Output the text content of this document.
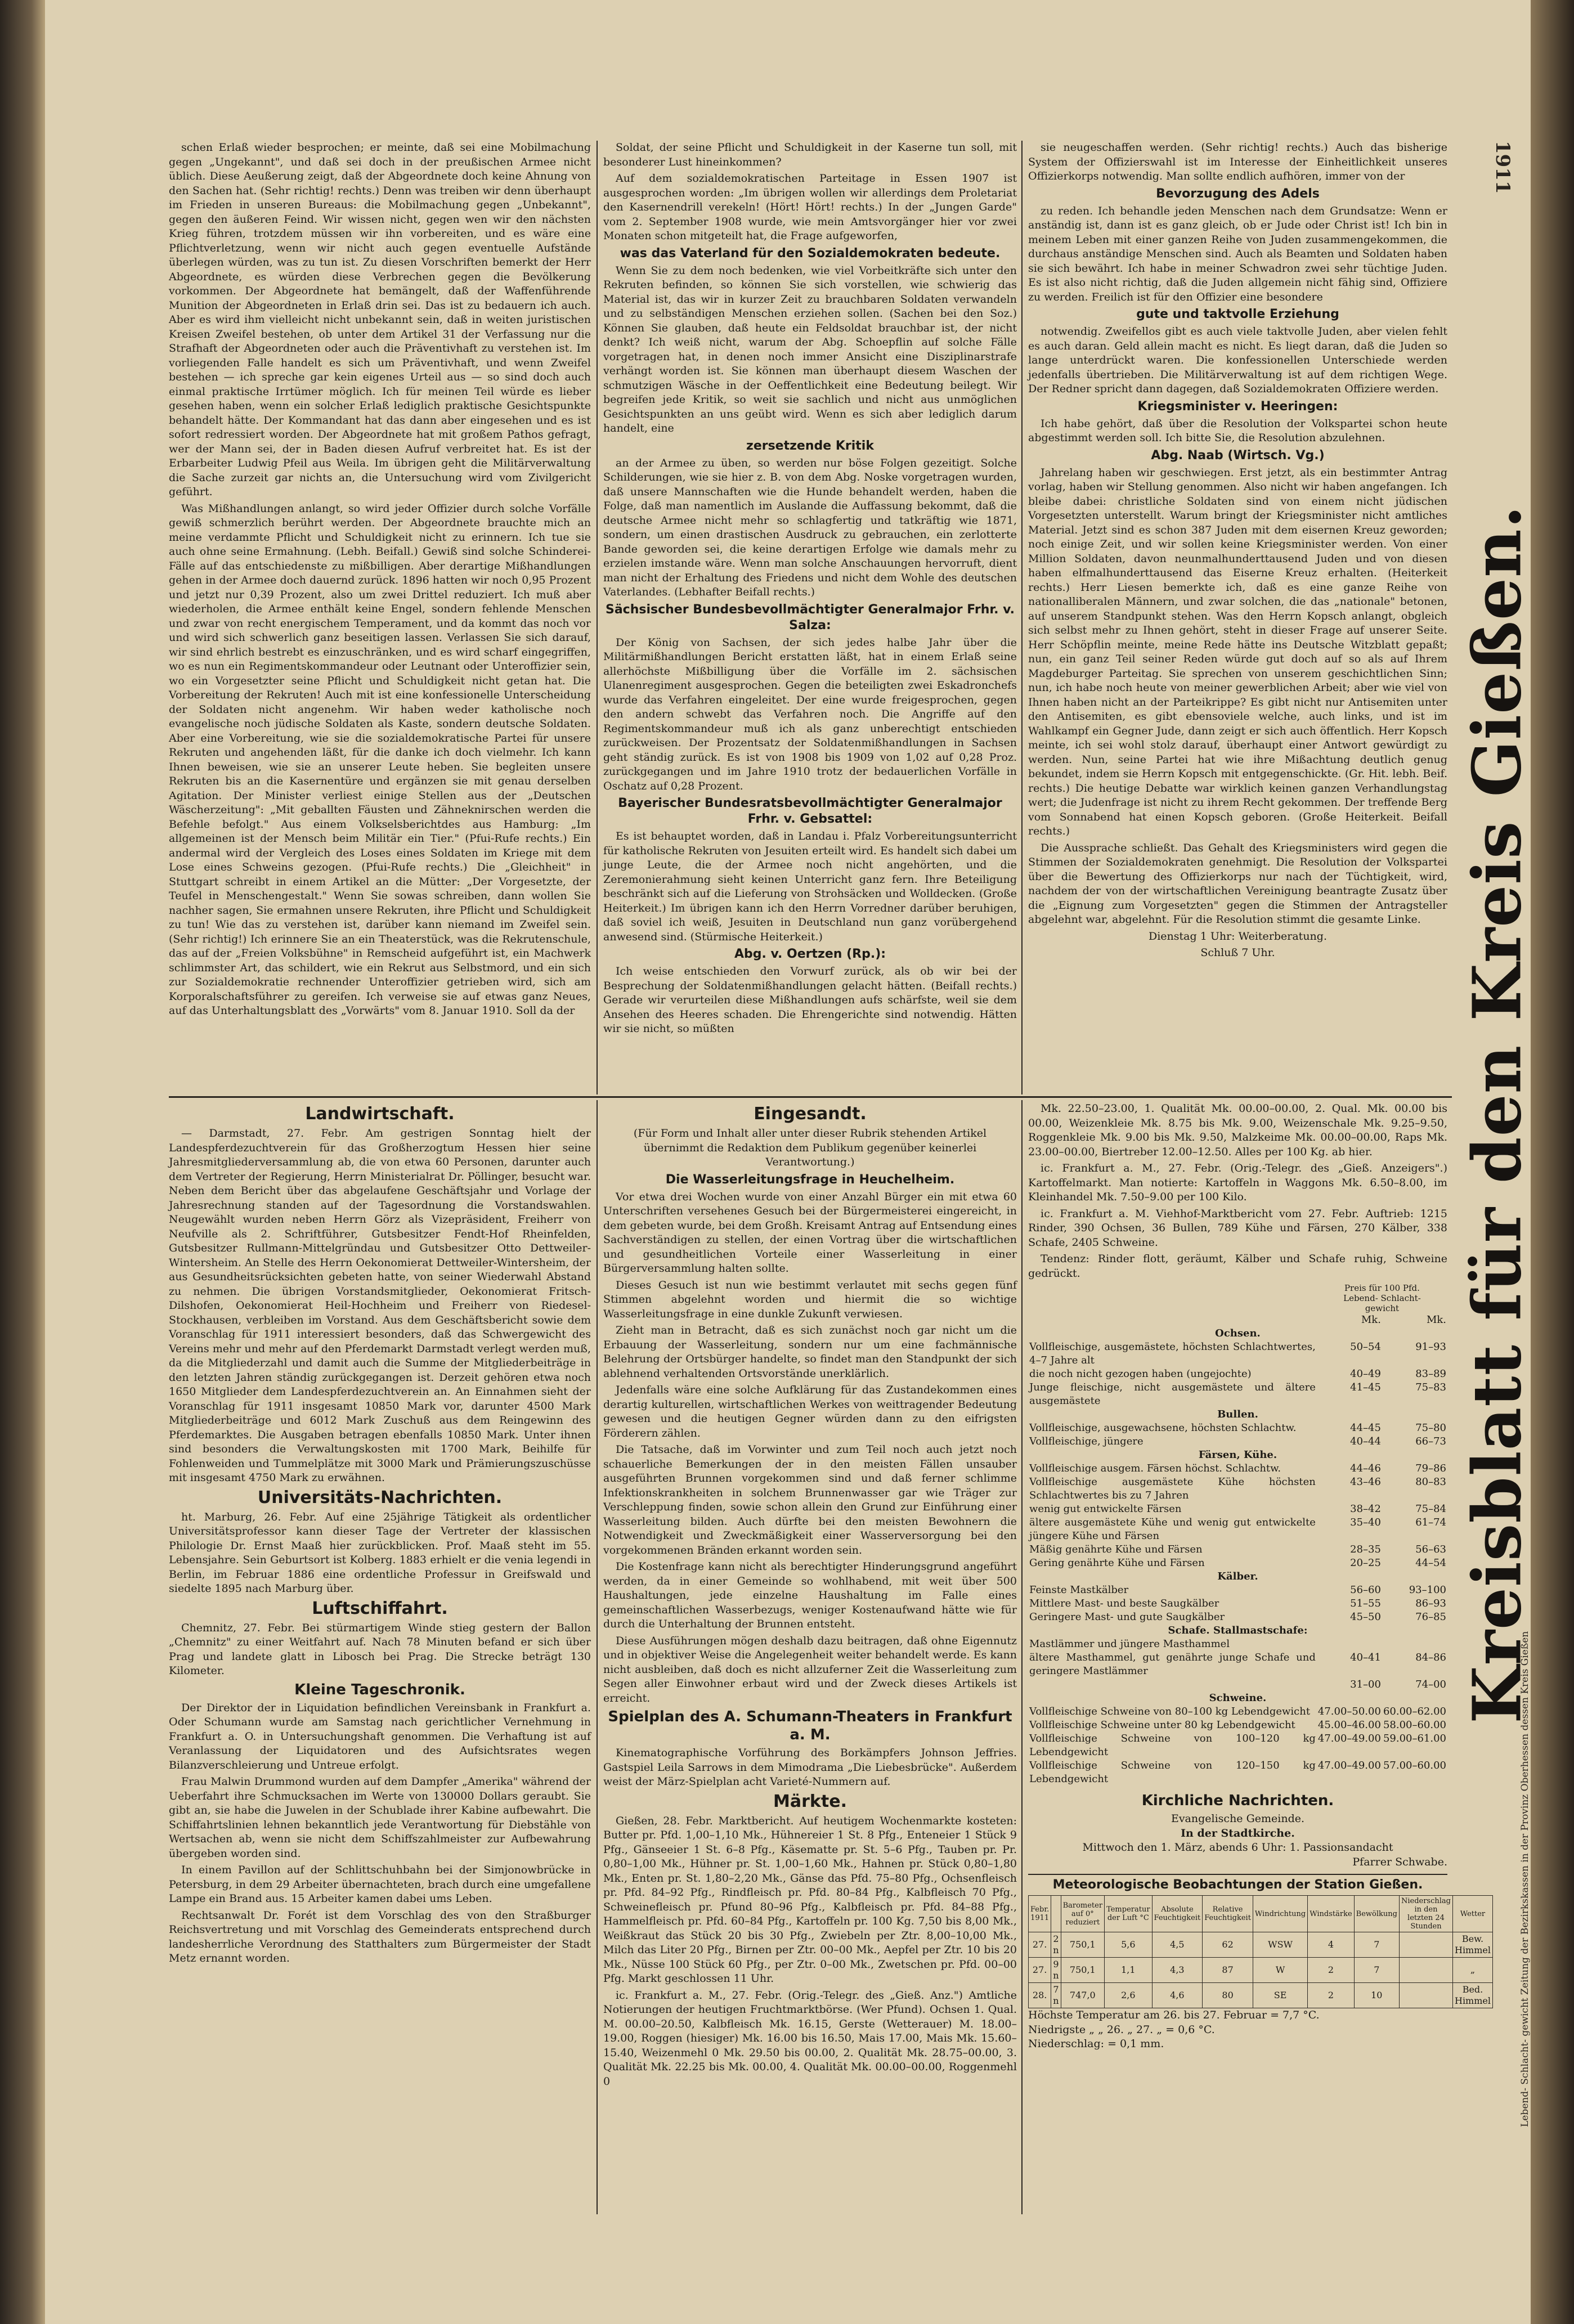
Kreisblatt für den Kreis Gießen.
1911

schen Erlaß wieder besprochen; er meinte, daß sei eine Mobilmachung gegen „Ungekannt", und daß sei doch in der preußischen Armee nicht üblich. Diese Aeußerung zeigt, daß der Abgeordnete doch keine Ahnung von den Sachen hat. (Sehr richtig! rechts.) Denn was treiben wir denn überhaupt im Frieden in unseren Bureaus: die Mobilmachung gegen „Unbekannt", gegen den äußeren Feind. Wir wissen nicht, gegen wen wir den nächsten Krieg führen, trotzdem müssen wir ihn vorbereiten, und es wäre eine Pflichtverletzung, wenn wir nicht auch gegen eventuelle Aufstände überlegen würden, was zu tun ist. Zu diesen Vorschriften bemerkt der Herr Abgeordnete, es würden diese Verbrechen gegen die Bevölkerung vorkommen. Der Abgeordnete hat bemängelt, daß der Waffenführende Munition der Abgeordneten in Erlaß drin sei. Das ist zu bedauern ich auch. Aber es wird ihm vielleicht nicht unbekannt sein, daß in weiten juristischen Kreisen Zweifel bestehen, ob unter dem Artikel 31 der Verfassung nur die Strafhaft der Abgeordneten oder auch die Präventivhaft zu verstehen ist. Im vorliegenden Falle handelt es sich um Präventivhaft, und wenn Zweifel bestehen — ich spreche gar kein eigenes Urteil aus — so sind doch auch einmal praktische Irrtümer möglich. Ich für meinen Teil würde es lieber gesehen haben, wenn ein solcher Erlaß lediglich praktische Gesichtspunkte behandelt hätte. Der Kommandant hat das dann aber eingesehen und es ist sofort redressiert worden. Der Abgeordnete hat mit großem Pathos gefragt, wer der Mann sei, der in Baden diesen Aufruf verbreitet hat. Es ist der Erbarbeiter Ludwig Pfeil aus Weila. Im übrigen geht die Militärverwaltung die Sache zurzeit gar nichts an, die Untersuchung wird vom Zivilgericht geführt.

Was Mißhandlungen anlangt, so wird jeder Offizier durch solche Vorfälle gewiß schmerzlich berührt werden. Der Abgeordnete brauchte mich an meine verdammte Pflicht und Schuldigkeit nicht zu erinnern. Ich tue sie auch ohne seine Ermahnung. (Lebh. Beifall.) Gewiß sind solche Schinderei-Fälle auf das entschiedenste zu mißbilligen. Aber derartige Mißhandlungen gehen in der Armee doch dauernd zurück. 1896 hatten wir noch 0,95 Prozent und jetzt nur 0,39 Prozent, also um zwei Drittel reduziert. Ich muß aber wiederholen, die Armee enthält keine Engel, sondern fehlende Menschen und zwar von recht energischem Temperament, und da kommt das noch vor und wird sich schwerlich ganz beseitigen lassen. Verlassen Sie sich darauf, wir sind ehrlich bestrebt es einzuschränken, und es wird scharf eingegriffen, wo es nun ein Regimentskommandeur oder Leutnant oder Unteroffizier sein, wo ein Vorgesetzter seine Pflicht und Schuldigkeit nicht getan hat. Die Vorbereitung der Rekruten! Auch mit ist eine konfessionelle Unterscheidung der Soldaten nicht angenehm. Wir haben weder katholische noch evangelische noch jüdische Soldaten als Kaste, sondern deutsche Soldaten. Aber eine Vorbereitung, wie sie die sozialdemokratische Partei für unsere Rekruten und angehenden läßt, für die danke ich doch vielmehr. Ich kann Ihnen beweisen, wie sie an unserer Leute heben. Sie begleiten unsere Rekruten bis an die Kasernentüre und ergänzen sie mit genau derselben Agitation. Der Minister verliest einige Stellen aus der „Deutschen Wäscherzeitung": „Mit geballten Fäusten und Zähneknirschen werden die Befehle befolgt." Aus einem Volkselsberichtdes aus Hamburg: „Im allgemeinen ist der Mensch beim Militär ein Tier." (Pfui-Rufe rechts.) Ein andermal wird der Vergleich des Loses eines Soldaten im Kriege mit dem Lose eines Schweins gezogen. (Pfui-Rufe rechts.) Die „Gleichheit" in Stuttgart schreibt in einem Artikel an die Mütter: „Der Vorgesetzte, der Teufel in Menschengestalt." Wenn Sie sowas schreiben, dann wollen Sie nachher sagen, Sie ermahnen unsere Rekruten, ihre Pflicht und Schuldigkeit zu tun! Wie das zu verstehen ist, darüber kann niemand im Zweifel sein. (Sehr richtig!) Ich erinnere Sie an ein Theaterstück, was die Rekrutenschule, das auf der „Freien Volksbühne" in Remscheid aufgeführt ist, ein Machwerk schlimmster Art, das schildert, wie ein Rekrut aus Selbstmord, und ein sich zur Sozialdemokratie rechnender Unteroffizier getrieben wird, sich am Korporalschaftsführer zu gereifen. Ich verweise sie auf etwas ganz Neues, auf das Unterhaltungsblatt des „Vorwärts" vom 8. Januar 1910. Soll da der

Soldat, der seine Pflicht und Schuldigkeit in der Kaserne tun soll, mit besonderer Lust hineinkommen?

Auf dem sozialdemokratischen Parteitage in Essen 1907 ist ausgesprochen worden: „Im übrigen wollen wir allerdings dem Proletariat den Kasernendrill verekeln! (Hört! Hört! rechts.) In der „Jungen Garde" vom 2. September 1908 wurde, wie mein Amtsvorgänger hier vor zwei Monaten schon mitgeteilt hat, die Frage aufgeworfen,

was das Vaterland für den Sozialdemokraten bedeute.

Wenn Sie zu dem noch bedenken, wie viel Vorbeitkräfte sich unter den Rekruten befinden, so können Sie sich vorstellen, wie schwierig das Material ist, das wir in kurzer Zeit zu brauchbaren Soldaten verwandeln und zu selbständigen Menschen erziehen sollen. (Sachen bei den Soz.) Können Sie glauben, daß heute ein Feldsoldat brauchbar ist, der nicht denkt? Ich weiß nicht, warum der Abg. Schoepflin auf solche Fälle vorgetragen hat, in denen noch immer Ansicht eine Disziplinarstrafe verhängt worden ist. Sie können man überhaupt diesem Waschen der schmutzigen Wäsche in der Oeffentlichkeit eine Bedeutung beilegt. Wir begreifen jede Kritik, so weit sie sachlich und nicht aus unmöglichen Gesichtspunkten an uns geübt wird. Wenn es sich aber lediglich darum handelt, eine

zersetzende Kritik

an der Armee zu üben, so werden nur böse Folgen gezeitigt. Solche Schilderungen, wie sie hier z. B. von dem Abg. Noske vorgetragen wurden, daß unsere Mannschaften wie die Hunde behandelt werden, haben die Folge, daß man namentlich im Auslande die Auffassung bekommt, daß die deutsche Armee nicht mehr so schlagfertig und tatkräftig wie 1871, sondern, um einen drastischen Ausdruck zu gebrauchen, ein zerlotterte Bande geworden sei, die keine derartigen Erfolge wie damals mehr zu erzielen imstande wäre. Wenn man solche Anschauungen hervorruft, dient man nicht der Erhaltung des Friedens und nicht dem Wohle des deutschen Vaterlandes. (Lebhafter Beifall rechts.)

Sächsischer Bundesbevollmächtigter Generalmajor Frhr. v. Salza:

Der König von Sachsen, der sich jedes halbe Jahr über die Militärmißhandlungen Bericht erstatten läßt, hat in einem Erlaß seine allerhöchste Mißbilligung über die Vorfälle im 2. sächsischen Ulanenregiment ausgesprochen. Gegen die beteiligten zwei Eskadronchefs wurde das Verfahren eingeleitet. Der eine wurde freigesprochen, gegen den andern schwebt das Verfahren noch. Die Angriffe auf den Regimentskommandeur muß ich als ganz unberechtigt entschieden zurückweisen. Der Prozentsatz der Soldatenmißhandlungen in Sachsen geht ständig zurück. Es ist von 1908 bis 1909 von 1,02 auf 0,28 Proz. zurückgegangen und im Jahre 1910 trotz der bedauerlichen Vorfälle in Oschatz auf 0,28 Prozent.

Bayerischer Bundesratsbevollmächtigter Generalmajor Frhr. v. Gebsattel:

Es ist behauptet worden, daß in Landau i. Pfalz Vorbereitungsunterricht für katholische Rekruten von Jesuiten erteilt wird. Es handelt sich dabei um junge Leute, die der Armee noch nicht angehörten, und die Zeremonierahmung sieht keinen Unterricht ganz fern. Ihre Beteiligung beschränkt sich auf die Lieferung von Strohsäcken und Wolldecken. (Große Heiterkeit.) Im übrigen kann ich den Herrn Vorredner darüber beruhigen, daß soviel ich weiß, Jesuiten in Deutschland nun ganz vorübergehend anwesend sind. (Stürmische Heiterkeit.)

Abg. v. Oertzen (Rp.):

Ich weise entschieden den Vorwurf zurück, als ob wir bei der Besprechung der Soldatenmißhandlungen gelacht hätten. (Beifall rechts.) Gerade wir verurteilen diese Mißhandlungen aufs schärfste, weil sie dem Ansehen des Heeres schaden. Die Ehrengerichte sind notwendig. Hätten wir sie nicht, so müßten

sie neugeschaffen werden. (Sehr richtig! rechts.) Auch das bisherige System der Offizierswahl ist im Interesse der Einheitlichkeit unseres Offizierkorps notwendig. Man sollte endlich aufhören, immer von der

Bevorzugung des Adels

zu reden. Ich behandle jeden Menschen nach dem Grundsatze: Wenn er anständig ist, dann ist es ganz gleich, ob er Jude oder Christ ist! Ich bin in meinem Leben mit einer ganzen Reihe von Juden zusammengekommen, die durchaus anständige Menschen sind. Auch als Beamten und Soldaten haben sie sich bewährt. Ich habe in meiner Schwadron zwei sehr tüchtige Juden. Es ist also nicht richtig, daß die Juden allgemein nicht fähig sind, Offiziere zu werden. Freilich ist für den Offizier eine besondere

gute und taktvolle Erziehung

notwendig. Zweifellos gibt es auch viele taktvolle Juden, aber vielen fehlt es auch daran. Geld allein macht es nicht. Es liegt daran, daß die Juden so lange unterdrückt waren. Die konfessionellen Unterschiede werden jedenfalls übertrieben. Die Militärverwaltung ist auf dem richtigen Wege. Der Redner spricht dann dagegen, daß Sozialdemokraten Offiziere werden.

Kriegsminister v. Heeringen:

Ich habe gehört, daß über die Resolution der Volkspartei schon heute abgestimmt werden soll. Ich bitte Sie, die Resolution abzulehnen.

Abg. Naab (Wirtsch. Vg.)

Jahrelang haben wir geschwiegen. Erst jetzt, als ein bestimmter Antrag vorlag, haben wir Stellung genommen. Also nicht wir haben angefangen. Ich bleibe dabei: christliche Soldaten sind von einem nicht jüdischen Vorgesetzten unterstellt. Warum bringt der Kriegsminister nicht amtliches Material. Jetzt sind es schon 387 Juden mit dem eisernen Kreuz geworden; noch einige Zeit, und wir sollen keine Kriegsminister werden. Von einer Million Soldaten, davon neunmalhunderttausend Juden und von diesen haben elfmalhunderttausend das Eiserne Kreuz erhalten. (Heiterkeit rechts.) Herr Liesen bemerkte ich, daß es eine ganze Reihe von nationalliberalen Männern, und zwar solchen, die das „nationale" betonen, auf unserem Standpunkt stehen. Was den Herrn Kopsch anlangt, obgleich sich selbst mehr zu Ihnen gehört, steht in dieser Frage auf unserer Seite. Herr Schöpflin meinte, meine Rede hätte ins Deutsche Witzblatt gepaßt; nun, ein ganz Teil seiner Reden würde gut doch auf so als auf Ihrem Magdeburger Parteitag. Sie sprechen von unserem geschichtlichen Sinn; nun, ich habe noch heute von meiner gewerblichen Arbeit; aber wie viel von Ihnen haben nicht an der Parteikrippe? Es gibt nicht nur Antisemiten unter den Antisemiten, es gibt ebensoviele welche, auch links, und ist im Wahlkampf ein Gegner Jude, dann zeigt er sich auch öffentlich. Herr Kopsch meinte, ich sei wohl stolz darauf, überhaupt einer Antwort gewürdigt zu werden. Nun, seine Partei hat wie ihre Mißachtung deutlich genug bekundet, indem sie Herrn Kopsch mit entgegenschickte. (Gr. Hit. lebh. Beif. rechts.) Die heutige Debatte war wirklich keinen ganzen Verhandlungstag wert; die Judenfrage ist nicht zu ihrem Recht gekommen. Der treffende Berg vom Sonnabend hat einen Kopsch geboren. (Große Heiterkeit. Beifall rechts.)

Die Aussprache schließt. Das Gehalt des Kriegsministers wird gegen die Stimmen der Sozialdemokraten genehmigt. Die Resolution der Volkspartei über die Bewertung des Offizierkorps nur nach der Tüchtigkeit, wird, nachdem der von der wirtschaftlichen Vereinigung beantragte Zusatz über die „Eignung zum Vorgesetzten" gegen die Stimmen der Antragsteller abgelehnt war, abgelehnt. Für die Resolution stimmt die gesamte Linke.

Dienstag 1 Uhr: Weiterberatung.

Schluß 7 Uhr.

Landwirtschaft.

— Darmstadt, 27. Febr. Am gestrigen Sonntag hielt der Landespferdezuchtverein für das Großherzogtum Hessen hier seine Jahresmitgliederversammlung ab, die von etwa 60 Personen, darunter auch dem Vertreter der Regierung, Herrn Ministerialrat Dr. Pöllinger, besucht war. Neben dem Bericht über das abgelaufene Geschäftsjahr und Vorlage der Jahresrechnung standen auf der Tagesordnung die Vorstandswahlen. Neugewählt wurden neben Herrn Görz als Vizepräsident, Freiherr von Neufville als 2. Schriftführer, Gutsbesitzer Fendt-Hof Rheinfelden, Gutsbesitzer Rullmann-Mittelgründau und Gutsbesitzer Otto Dettweiler-Wintersheim. An Stelle des Herrn Oekonomierat Dettweiler-Wintersheim, der aus Gesundheitsrücksichten gebeten hatte, von seiner Wiederwahl Abstand zu nehmen. Die übrigen Vorstandsmitglieder, Oekonomierat Fritsch-Dilshofen, Oekonomierat Heil-Hochheim und Freiherr von Riedesel-Stockhausen, verbleiben im Vorstand. Aus dem Geschäftsbericht sowie dem Voranschlag für 1911 interessiert besonders, daß das Schwergewicht des Vereins mehr und mehr auf den Pferdemarkt Darmstadt verlegt werden muß, da die Mitgliederzahl und damit auch die Summe der Mitgliederbeiträge in den letzten Jahren ständig zurückgegangen ist. Derzeit gehören etwa noch 1650 Mitglieder dem Landespferdezuchtverein an. An Einnahmen sieht der Voranschlag für 1911 insgesamt 10850 Mark vor, darunter 4500 Mark Mitgliederbeiträge und 6012 Mark Zuschuß aus dem Reingewinn des Pferdemarktes. Die Ausgaben betragen ebenfalls 10850 Mark. Unter ihnen sind besonders die Verwaltungskosten mit 1700 Mark, Beihilfe für Fohlenweiden und Tummelplätze mit 3000 Mark und Prämierungszuschüsse mit insgesamt 4750 Mark zu erwähnen.

Universitäts-Nachrichten.

ht. Marburg, 26. Febr. Auf eine 25jährige Tätigkeit als ordentlicher Universitätsprofessor kann dieser Tage der Vertreter der klassischen Philologie Dr. Ernst Maaß hier zurückblicken. Prof. Maaß steht im 55. Lebensjahre. Sein Geburtsort ist Kolberg. 1883 erhielt er die venia legendi in Berlin, im Februar 1886 eine ordentliche Professur in Greifswald und siedelte 1895 nach Marburg über.

Luftschiffahrt.

Chemnitz, 27. Febr. Bei stürmartigem Winde stieg gestern der Ballon „Chemnitz" zu einer Weitfahrt auf. Nach 78 Minuten befand er sich über Prag und landete glatt in Libosch bei Prag. Die Strecke beträgt 130 Kilometer.

Kleine Tageschronik.

Der Direktor der in Liquidation befindlichen Vereinsbank in Frankfurt a. Oder Schumann wurde am Samstag nach gerichtlicher Vernehmung in Frankfurt a. O. in Untersuchungshaft genommen. Die Verhaftung ist auf Veranlassung der Liquidatoren und des Aufsichtsrates wegen Bilanzverschleierung und Untreue erfolgt.

Frau Malwin Drummond wurden auf dem Dampfer „Amerika" während der Ueberfahrt ihre Schmucksachen im Werte von 130000 Dollars geraubt. Sie gibt an, sie habe die Juwelen in der Schublade ihrer Kabine aufbewahrt. Die Schiffahrtslinien lehnen bekanntlich jede Verantwortung für Diebstähle von Wertsachen ab, wenn sie nicht dem Schiffszahlmeister zur Aufbewahrung übergeben worden sind.

In einem Pavillon auf der Schlittschuhbahn bei der Simjonowbrücke in Petersburg, in dem 29 Arbeiter übernachteten, brach durch eine umgefallene Lampe ein Brand aus. 15 Arbeiter kamen dabei ums Leben.

Rechtsanwalt Dr. Forét ist dem Vorschlag des von den Straßburger Reichsvertretung und mit Vorschlag des Gemeinderats entsprechend durch landesherrliche Verordnung des Statthalters zum Bürgermeister der Stadt Metz ernannt worden.

Eingesandt.

(Für Form und Inhalt aller unter dieser Rubrik stehenden Artikel übernimmt die Redaktion dem Publikum gegenüber keinerlei Verantwortung.)

Die Wasserleitungsfrage in Heuchelheim.

Vor etwa drei Wochen wurde von einer Anzahl Bürger ein mit etwa 60 Unterschriften versehenes Gesuch bei der Bürgermeisterei eingereicht, in dem gebeten wurde, bei dem Großh. Kreisamt Antrag auf Entsendung eines Sachverständigen zu stellen, der einen Vortrag über die wirtschaftlichen und gesundheitlichen Vorteile einer Wasserleitung in einer Bürgerversammlung halten sollte.

Dieses Gesuch ist nun wie bestimmt verlautet mit sechs gegen fünf Stimmen abgelehnt worden und hiermit die so wichtige Wasserleitungsfrage in eine dunkle Zukunft verwiesen.

Zieht man in Betracht, daß es sich zunächst noch gar nicht um die Erbauung der Wasserleitung, sondern nur um eine fachmännische Belehrung der Ortsbürger handelte, so findet man den Standpunkt der sich ablehnend verhaltenden Ortsvorstände unerklärlich.

Jedenfalls wäre eine solche Aufklärung für das Zustandekommen eines derartig kulturellen, wirtschaftlichen Werkes von weittragender Bedeutung gewesen und die heutigen Gegner würden dann zu den eifrigsten Förderern zählen.

Die Tatsache, daß im Vorwinter und zum Teil noch auch jetzt noch schauerliche Bemerkungen der in den meisten Fällen unsauber ausgeführten Brunnen vorgekommen sind und daß ferner schlimme Infektionskrankheiten in solchem Brunnenwasser gar wie Träger zur Verschleppung finden, sowie schon allein den Grund zur Einführung einer Wasserleitung bilden. Auch dürfte bei den meisten Bewohnern die Notwendigkeit und Zweckmäßigkeit einer Wasserversorgung bei den vorgekommenen Bränden erkannt worden sein.

Die Kostenfrage kann nicht als berechtigter Hinderungsgrund angeführt werden, da in einer Gemeinde so wohlhabend, mit weit über 500 Haushaltungen, jede einzelne Haushaltung im Falle eines gemeinschaftlichen Wasserbezugs, weniger Kostenaufwand hätte wie für durch die Unterhaltung der Brunnen entsteht.

Diese Ausführungen mögen deshalb dazu beitragen, daß ohne Eigennutz und in objektiver Weise die Angelegenheit weiter behandelt werde. Es kann nicht ausbleiben, daß doch es nicht allzuferner Zeit die Wasserleitung zum Segen aller Einwohner erbaut wird und der Zweck dieses Artikels ist erreicht.

Spielplan des A. Schumann-Theaters in Frankfurt a. M.

Kinematographische Vorführung des Borkämpfers Johnson Jeffries. Gastspiel Leila Sarrows in dem Mimodrama „Die Liebesbrücke". Außerdem weist der März-Spielplan acht Varieté-Nummern auf.

Märkte.

Gießen, 28. Febr. Marktbericht. Auf heutigem Wochenmarkte kosteten: Butter pr. Pfd. 1,00–1,10 Mk., Hühnereier 1 St. 8 Pfg., Enteneier 1 Stück 9 Pfg., Gänseeier 1 St. 6–8 Pfg., Käsematte pr. St. 5–6 Pfg., Tauben pr. Pr. 0,80–1,00 Mk., Hühner pr. St. 1,00–1,60 Mk., Hahnen pr. Stück 0,80–1,80 Mk., Enten pr. St. 1,80–2,20 Mk., Gänse das Pfd. 75–80 Pfg., Ochsenfleisch pr. Pfd. 84–92 Pfg., Rindfleisch pr. Pfd. 80–84 Pfg., Kalbfleisch 70 Pfg., Schweinefleisch pr. Pfund 80–96 Pfg., Kalbfleisch pr. Pfd. 84–88 Pfg., Hammelfleisch pr. Pfd. 60–84 Pfg., Kartoffeln pr. 100 Kg. 7,50 bis 8,00 Mk., Weißkraut das Stück 20 bis 30 Pfg., Zwiebeln per Ztr. 8,00–10,00 Mk., Milch das Liter 20 Pfg., Birnen per Ztr. 00–00 Mk., Aepfel per Ztr. 10 bis 20 Mk., Nüsse 100 Stück 60 Pfg., per Ztr. 0–00 Mk., Zwetschen pr. Pfd. 00–00 Pfg. Markt geschlossen 11 Uhr.

ic. Frankfurt a. M., 27. Febr. (Orig.-Telegr. des „Gieß. Anz.") Amtliche Notierungen der heutigen Fruchtmarktbörse. (Wer Pfund). Ochsen 1. Qual. M. 00.00–20.50, Kalbfleisch Mk. 16.15, Gerste (Wetterauer) M. 18.00–19.00, Roggen (hiesiger) Mk. 16.00 bis 16.50, Mais 17.00, Mais Mk. 15.60–15.40, Weizenmehl 0 Mk. 29.50 bis 00.00, 2. Qualität Mk. 28.75–00.00, 3. Qualität Mk. 22.25 bis Mk. 00.00, 4. Qualität Mk. 00.00–00.00, Roggenmehl 0

Mk. 22.50–23.00, 1. Qualität Mk. 00.00–00.00, 2. Qual. Mk. 00.00 bis 00.00, Weizenkleie Mk. 8.75 bis Mk. 9.00, Weizenschale Mk. 9.25–9.50, Roggenkleie Mk. 9.00 bis Mk. 9.50, Malzkeime Mk. 00.00–00.00, Raps Mk. 23.00–00.00, Biertreber 12.00–12.50. Alles per 100 Kg. ab hier.

ic. Frankfurt a. M., 27. Febr. (Orig.-Telegr. des „Gieß. Anzeigers".) Kartoffelmarkt. Man notierte: Kartoffeln in Waggons Mk. 6.50–8.00, im Kleinhandel Mk. 7.50–9.00 per 100 Kilo.

ic. Frankfurt a. M. Viehhof-Marktbericht vom 27. Febr. Auftrieb: 1215 Rinder, 390 Ochsen, 36 Bullen, 789 Kühe und Färsen, 270 Kälber, 338 Schafe, 2405 Schweine.

Tendenz: Rinder flott, geräumt, Kälber und Schafe ruhig, Schweine gedrückt.

	Preis für 100 Pfd.
Lebend- Schlacht-
gewicht	
	Mk.	Mk.
Ochsen.		
Vollfleischige, ausgemästete, höchsten Schlachtwertes, 4–7 Jahre alt	50–54	91–93
die noch nicht gezogen haben (ungejochte)	40–49	83–89
Junge fleischige, nicht ausgemästete und ältere ausgemästete	41–45	75–83
Bullen.		
Vollfleischige, ausgewachsene, höchsten Schlachtw.	44–45	75–80
Vollfleischige, jüngere	40–44	66–73
Färsen, Kühe.		
Vollfleischige ausgem. Färsen höchst. Schlachtw.	44–46	79–86
Vollfleischige ausgemästete Kühe höchsten Schlachtwertes bis zu 7 Jahren	43–46	80–83
wenig gut entwickelte Färsen	38–42	75–84
ältere ausgemästete Kühe und wenig gut entwickelte jüngere Kühe und Färsen	35–40	61–74
Mäßig genährte Kühe und Färsen	28–35	56–63
Gering genährte Kühe und Färsen	20–25	44–54
Kälber.		
Feinste Mastkälber	56–60	93–100
Mittlere Mast- und beste Saugkälber	51–55	86–93
Geringere Mast- und gute Saugkälber	45–50	76–85
Schafe. Stallmastschafe:		
Mastlämmer und jüngere Masthammel		
ältere Masthammel, gut genährte junge Schafe und geringere Mastlämmer	40–41	84–86
	31–00	74–00
Schweine.		
Vollfleischige Schweine von 80–100 kg Lebendgewicht	47.00–50.00	60.00–62.00
Vollfleischige Schweine unter 80 kg Lebendgewicht	45.00–46.00	58.00–60.00
Vollfleischige Schweine von 100–120 kg Lebendgewicht	47.00–49.00	59.00–61.00
Vollfleischige Schweine von 120–150 kg Lebendgewicht	47.00–49.00	57.00–60.00
Kirchliche Nachrichten.
Evangelische Gemeinde.
In der Stadtkirche.
Mittwoch den 1. März, abends 6 Uhr: 1. Passionsandacht
Pfarrer Schwabe.
Meteorologische Beobachtungen der Station Gießen.
Febr. 1911		Barometer auf 0° reduziert	Temperatur der Luft °C	Absolute Feuchtigkeit	Relative Feuchtigkeit	Windrichtung	Windstärke	Bewölkung	Niederschlag in den letzten 24 Stunden	Wetter
27.	2 n	750,1	5,6	4,5	62	WSW	4	7		Bew. Himmel
27.	9 n	750,1	1,1	4,3	87	W	2	7		„
28.	7 n	747,0	2,6	4,6	80	SE	2	10		Bed. Himmel
Höchste Temperatur am 26. bis 27. Februar = 7,7 °C.
Niedrigste „ „ 26. „ 27. „ = 0,6 °C.
Niederschlag: = 0,1 mm.	Lebend- Schlacht- gewicht Zeitung der Bezirkskassen in der Provinz Oberhessen dessen Kreis Gießen
